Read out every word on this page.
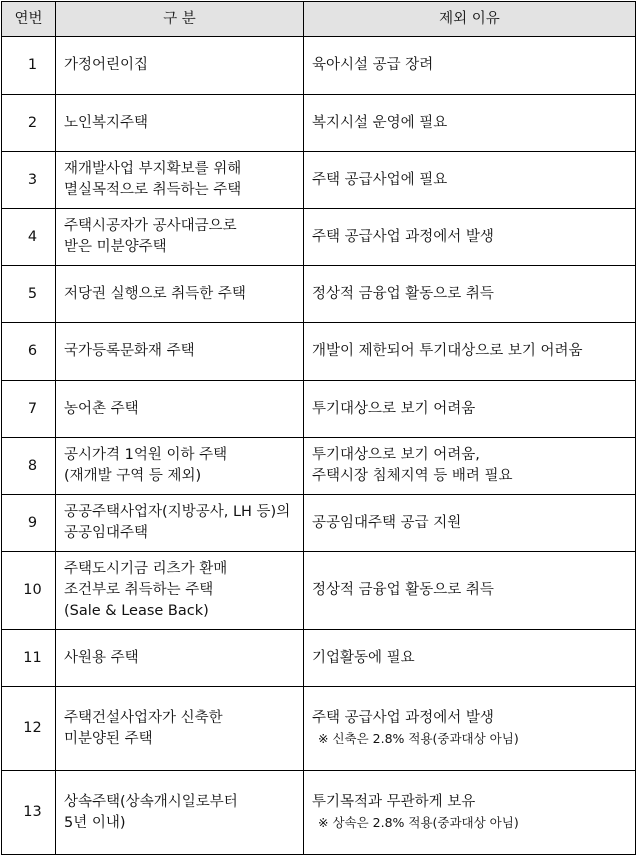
연번	구 분	제외 이유
1	가정어린이집	육아시설 공급 장려
2	노인복지주택	복지시설 운영에 필요
3	재개발사업 부지확보를 위해
멸실목적으로 취득하는 주택	주택 공급사업에 필요
4	주택시공자가 공사대금으로
받은 미분양주택	주택 공급사업 과정에서 발생
5	저당권 실행으로 취득한 주택	정상적 금융업 활동으로 취득
6	국가등록문화재 주택	개발이 제한되어 투기대상으로 보기 어려움
7	농어촌 주택	투기대상으로 보기 어려움
8	공시가격 1억원 이하 주택
(재개발 구역 등 제외)	투기대상으로 보기 어려움,
주택시장 침체지역 등 배려 필요
9	공공주택사업자(지방공사, LH 등)의
공공임대주택	공공임대주택 공급 지원
10	주택도시기금 리츠가 환매
조건부로 취득하는 주택
(Sale & Lease Back)	정상적 금융업 활동으로 취득
11	사원용 주택	기업활동에 필요
12	주택건설사업자가 신축한
미분양된 주택	주택 공급사업 과정에서 발생

※ 신축은 2.8% 적용(중과대상 아님)

13	상속주택(상속개시일로부터
5년 이내)	투기목적과 무관하게 보유

※ 상속은 2.8% 적용(중과대상 아님)
